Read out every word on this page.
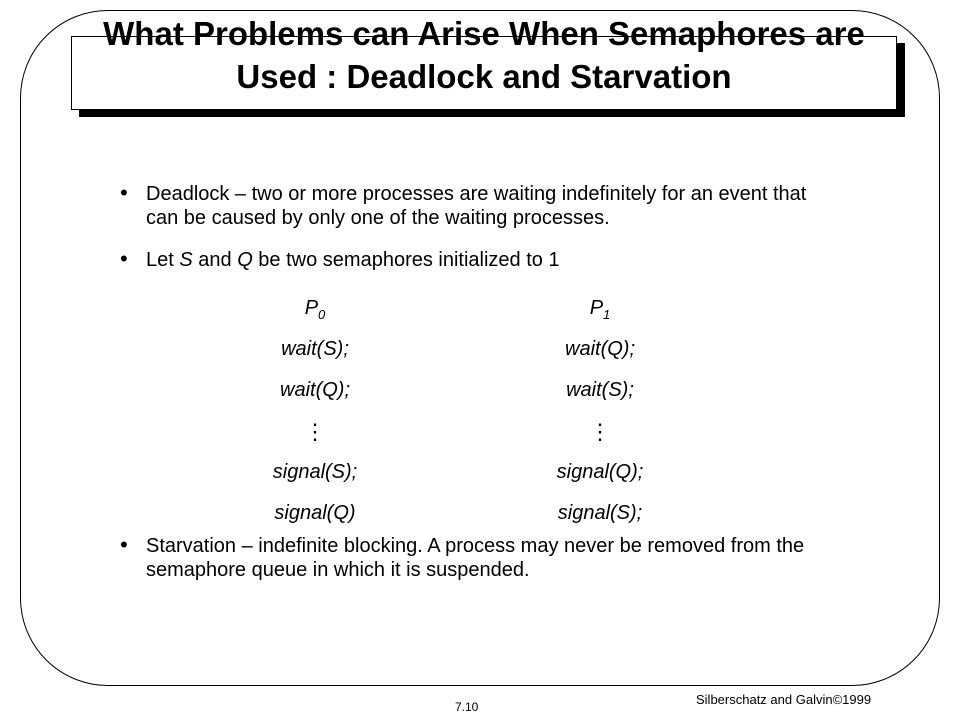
What Problems can Arise When Semaphores are Used : Deadlock and Starvation
• Deadlock – two or more processes are waiting indefinitely for an event that can be caused by only one of the waiting processes.
• Let S and Q be two semaphores initialized to 1
$P_0$
wait(S);
wait(Q);
⋮
signal(S);
signal(Q)
$P_1$
wait(Q);
wait(S);
⋮
signal(Q);
signal(S);
• Starvation – indefinite blocking. A process may never be removed from the semaphore queue in which it is suspended.
7.10	Silberschatz and Galvin©1999
